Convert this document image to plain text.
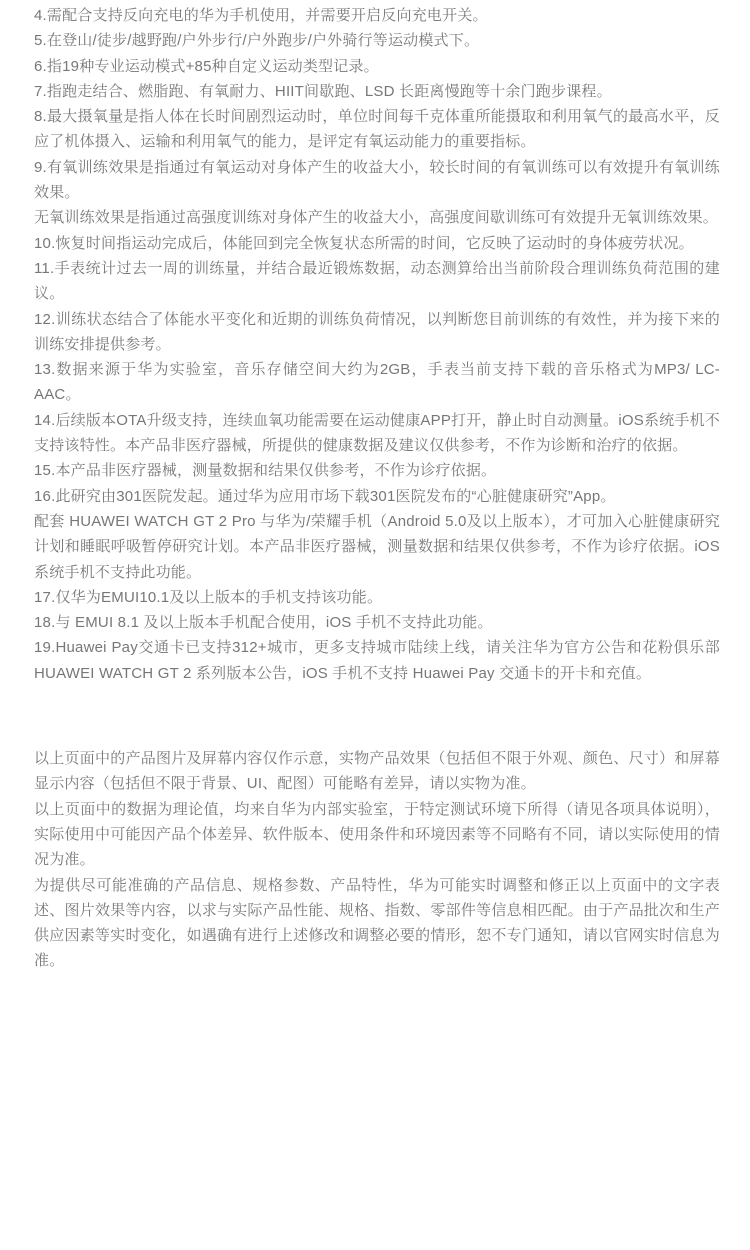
4.需配合支持反向充电的华为手机使用，并需要开启反向充电开关。

5.在登山/徒步/越野跑/户外步行/户外跑步/户外骑行等运动模式下。

6.指19种专业运动模式+85种自定义运动类型记录。

7.指跑走结合、燃脂跑、有氧耐力、HIIT间歇跑、LSD 长距离慢跑等十余门跑步课程。

8.最大摄氧量是指人体在长时间剧烈运动时，单位时间每千克体重所能摄取和利用氧气的最高水平，反应了机体摄入、运输和利用氧气的能力，是评定有氧运动能力的重要指标。

9.有氧训练效果是指通过有氧运动对身体产生的收益大小，较长时间的有氧训练可以有效提升有氧训练效果。

无氧训练效果是指通过高强度训练对身体产生的收益大小，高强度间歇训练可有效提升无氧训练效果。

10.恢复时间指运动完成后，体能回到完全恢复状态所需的时间，它反映了运动时的身体疲劳状况。

11.手表统计过去一周的训练量，并结合最近锻炼数据，动态测算给出当前阶段合理训练负荷范围的建议。

12.训练状态结合了体能水平变化和近期的训练负荷情况，以判断您目前训练的有效性，并为接下来的训练安排提供参考。

13.数据来源于华为实验室，音乐存储空间大约为2GB，手表当前支持下载的音乐格式为MP3/ LC-AAC。

14.后续版本OTA升级支持，连续血氧功能需要在运动健康APP打开，静止时自动测量。iOS系统手机不支持该特性。本产品非医疗器械，所提供的健康数据及建议仅供参考，不作为诊断和治疗的依据。

15.本产品非医疗器械，测量数据和结果仅供参考，不作为诊疗依据。

16.此研究由301医院发起。通过华为应用市场下载301医院发布的“心脏健康研究”App。

配套 HUAWEI WATCH GT 2 Pro 与华为/荣耀手机（Android 5.0及以上版本），才可加入心脏健康研究计划和睡眠呼吸暂停研究计划。本产品非医疗器械，测量数据和结果仅供参考，不作为诊疗依据。iOS系统手机不支持此功能。

17.仅华为EMUI10.1及以上版本的手机支持该功能。

18.与 EMUI 8.1 及以上版本手机配合使用，iOS 手机不支持此功能。

19.Huawei Pay交通卡已支持312+城市，更多支持城市陆续上线，请关注华为官方公告和花粉俱乐部 HUAWEI WATCH GT 2 系列版本公告，iOS 手机不支持 Huawei Pay 交通卡的开卡和充值。

以上页面中的产品图片及屏幕内容仅作示意，实物产品效果（包括但不限于外观、颜色、尺寸）和屏幕显示内容（包括但不限于背景、UI、配图）可能略有差异，请以实物为准。

以上页面中的数据为理论值，均来自华为内部实验室，于特定测试环境下所得（请见各项具体说明），实际使用中可能因产品个体差异、软件版本、使用条件和环境因素等不同略有不同，请以实际使用的情况为准。

为提供尽可能准确的产品信息、规格参数、产品特性，华为可能实时调整和修正以上页面中的文字表述、图片效果等内容，以求与实际产品性能、规格、指数、零部件等信息相匹配。由于产品批次和生产供应因素等实时变化，如遇确有进行上述修改和调整必要的情形，恕不专门通知，请以官网实时信息为准。
